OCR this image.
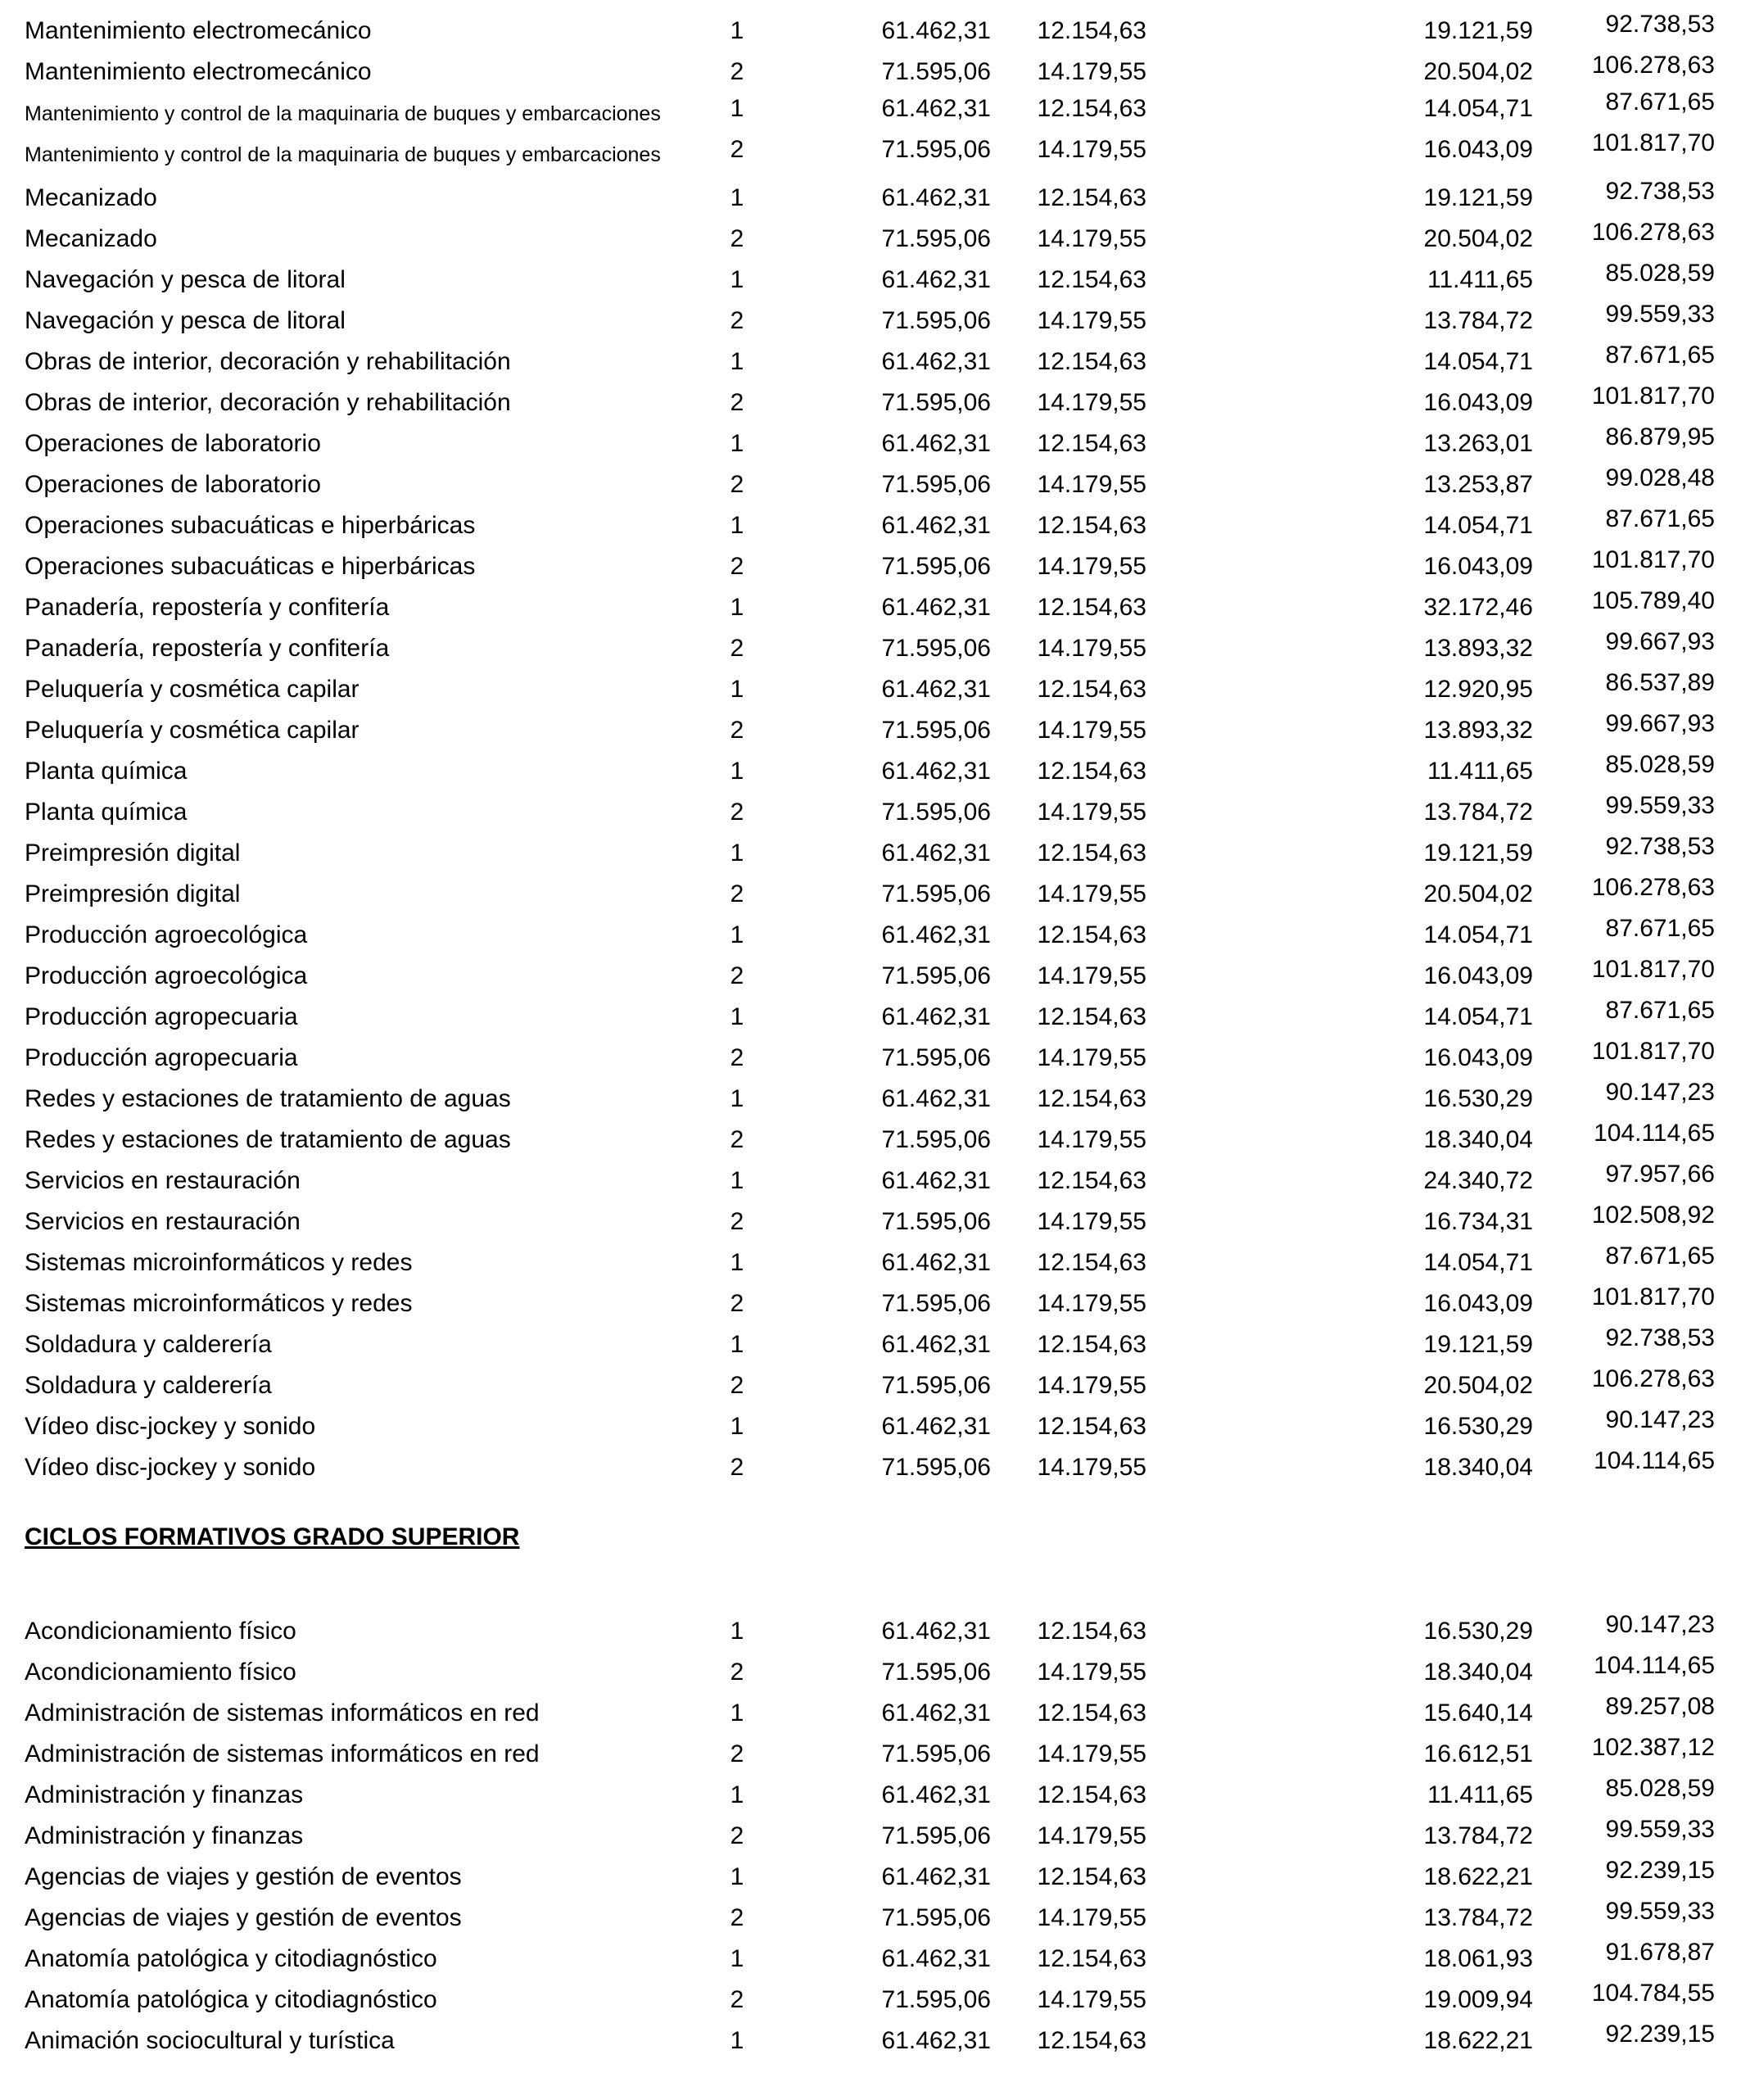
Mantenimiento electromecánico	1	61.462,31	12.154,63	19.121,59	92.738,53
Mantenimiento electromecánico	2	71.595,06	14.179,55	20.504,02	106.278,63
Mantenimiento y control de la maquinaria de buques y embarcaciones	1	61.462,31	12.154,63	14.054,71	87.671,65
Mantenimiento y control de la maquinaria de buques y embarcaciones	2	71.595,06	14.179,55	16.043,09	101.817,70
Mecanizado	1	61.462,31	12.154,63	19.121,59	92.738,53
Mecanizado	2	71.595,06	14.179,55	20.504,02	106.278,63
Navegación y pesca de litoral	1	61.462,31	12.154,63	11.411,65	85.028,59
Navegación y pesca de litoral	2	71.595,06	14.179,55	13.784,72	99.559,33
Obras de interior, decoración y rehabilitación	1	61.462,31	12.154,63	14.054,71	87.671,65
Obras de interior, decoración y rehabilitación	2	71.595,06	14.179,55	16.043,09	101.817,70
Operaciones de laboratorio	1	61.462,31	12.154,63	13.263,01	86.879,95
Operaciones de laboratorio	2	71.595,06	14.179,55	13.253,87	99.028,48
Operaciones subacuáticas e hiperbáricas	1	61.462,31	12.154,63	14.054,71	87.671,65
Operaciones subacuáticas e hiperbáricas	2	71.595,06	14.179,55	16.043,09	101.817,70
Panadería, repostería y confitería	1	61.462,31	12.154,63	32.172,46	105.789,40
Panadería, repostería y confitería	2	71.595,06	14.179,55	13.893,32	99.667,93
Peluquería y cosmética capilar	1	61.462,31	12.154,63	12.920,95	86.537,89
Peluquería y cosmética capilar	2	71.595,06	14.179,55	13.893,32	99.667,93
Planta química	1	61.462,31	12.154,63	11.411,65	85.028,59
Planta química	2	71.595,06	14.179,55	13.784,72	99.559,33
Preimpresión digital	1	61.462,31	12.154,63	19.121,59	92.738,53
Preimpresión digital	2	71.595,06	14.179,55	20.504,02	106.278,63
Producción agroecológica	1	61.462,31	12.154,63	14.054,71	87.671,65
Producción agroecológica	2	71.595,06	14.179,55	16.043,09	101.817,70
Producción agropecuaria	1	61.462,31	12.154,63	14.054,71	87.671,65
Producción agropecuaria	2	71.595,06	14.179,55	16.043,09	101.817,70
Redes y estaciones de tratamiento de aguas	1	61.462,31	12.154,63	16.530,29	90.147,23
Redes y estaciones de tratamiento de aguas	2	71.595,06	14.179,55	18.340,04	104.114,65
Servicios en restauración	1	61.462,31	12.154,63	24.340,72	97.957,66
Servicios en restauración	2	71.595,06	14.179,55	16.734,31	102.508,92
Sistemas microinformáticos y redes	1	61.462,31	12.154,63	14.054,71	87.671,65
Sistemas microinformáticos y redes	2	71.595,06	14.179,55	16.043,09	101.817,70
Soldadura y calderería	1	61.462,31	12.154,63	19.121,59	92.738,53
Soldadura y calderería	2	71.595,06	14.179,55	20.504,02	106.278,63
Vídeo disc-jockey y sonido	1	61.462,31	12.154,63	16.530,29	90.147,23
Vídeo disc-jockey y sonido	2	71.595,06	14.179,55	18.340,04	104.114,65
CICLOS FORMATIVOS GRADO SUPERIOR
Acondicionamiento físico	1	61.462,31	12.154,63	16.530,29	90.147,23
Acondicionamiento físico	2	71.595,06	14.179,55	18.340,04	104.114,65
Administración de sistemas informáticos en red	1	61.462,31	12.154,63	15.640,14	89.257,08
Administración de sistemas informáticos en red	2	71.595,06	14.179,55	16.612,51	102.387,12
Administración y finanzas	1	61.462,31	12.154,63	11.411,65	85.028,59
Administración y finanzas	2	71.595,06	14.179,55	13.784,72	99.559,33
Agencias de viajes y gestión de eventos	1	61.462,31	12.154,63	18.622,21	92.239,15
Agencias de viajes y gestión de eventos	2	71.595,06	14.179,55	13.784,72	99.559,33
Anatomía patológica y citodiagnóstico	1	61.462,31	12.154,63	18.061,93	91.678,87
Anatomía patológica y citodiagnóstico	2	71.595,06	14.179,55	19.009,94	104.784,55
Animación sociocultural y turística	1	61.462,31	12.154,63	18.622,21	92.239,15
